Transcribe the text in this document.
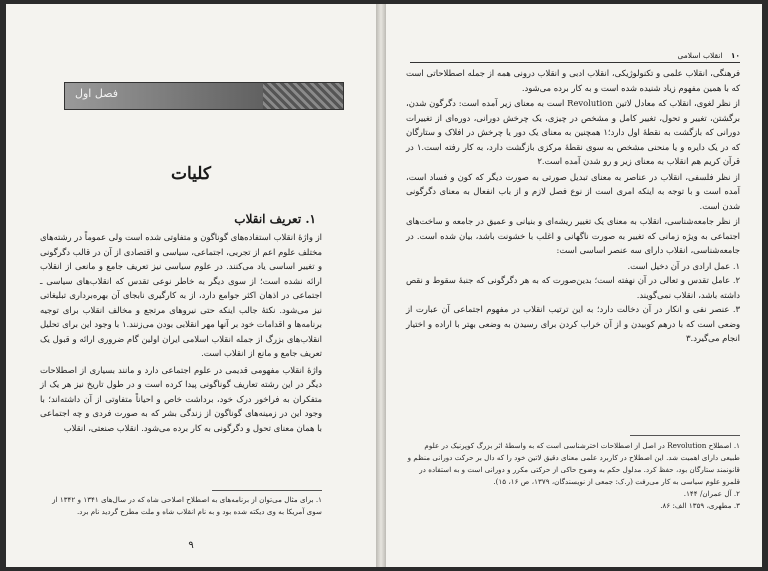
فصل اول
کلیات
۱. تعریف انقلاب

از واژهٔ انقلاب استفاده‌های گوناگون و متفاوتی شده است ولی عموماً در رشته‌های مختلف علوم اعم از تجربی، اجتماعی، سیاسی و اقتصادی از آن در قالب دگرگونی و تغییر اساسی یاد می‌کنند. در علوم سیاسی نیز تعریف جامع و مانعی از انقلاب ارائه نشده است؛ از سوی دیگر به خاطر نوعی تقدس که انقلاب‌های سیاسی ـ اجتماعی در اذهان اکثر جوامع دارد، از به کارگیری نابجای آن بهره‌برداری تبلیغاتی نیز می‌شود. نکتهٔ جالب اینکه حتی نیروهای مرتجع و مخالف انقلاب برای توجیه برنامه‌ها و اقدامات خود بر آنها مهر انقلابی بودن می‌زنند.۱ با وجود این برای تحلیل انقلاب‌های بزرگ از جمله انقلاب اسلامی ایران اولین گام ضروری ارائه و قبول یک تعریف جامع و مانع از انقلاب است.

واژهٔ انقلاب مفهومی قدیمی در علوم اجتماعی دارد و مانند بسیاری از اصطلاحات دیگر در این رشته تعاریف گوناگونی پیدا کرده است و در طول تاریخ نیز هر یک از متفکران به فراخور درک خود، برداشت خاص و احیاناً متفاوتی از آن داشته‌اند؛ با وجود این در زمینه‌های گوناگون از زندگی بشر که به صورت فردی و چه اجتماعی با همان معنای تحول و دگرگونی به کار برده می‌شود. انقلاب صنعتی، انقلاب

۱. برای مثال می‌توان از برنامه‌های به اصطلاح اصلاحی شاه که در سال‌های ۱۳۴۱ و ۱۳۴۲ از سوی آمریکا به وی دیکته شده بود و به نام انقلاب شاه و ملت مطرح گردید نام برد.

۹
۱۰ انقلاب اسلامی

فرهنگی، انقلاب علمی و تکنولوژیکی، انقلاب ادبی و انقلاب درونی همه از جمله اصطلاحاتی است که با همین مفهوم زیاد شنیده شده است و به کار برده می‌شود.

از نظر لغوی، انقلاب که معادل لاتین Revolution است به معنای زیر آمده است: دگرگون شدن، برگشتن، تغییر و تحول، تغییر کامل و مشخص در چیزی، یک چرخش دورانی، دوره‌ای از تغییرات دورانی که بازگشت به نقطهٔ اول دارد؛۱ همچنین به معنای یک دور یا چرخش در افلاک و ستارگان که در یک دایره و یا منحنی مشخص به سوی نقطهٔ مرکزی بازگشت دارد، به کار رفته است.۱ در قرآن کریم هم انقلاب به معنای زیر و رو شدن آمده است.۲

از نظر فلسفی، انقلاب در عناصر به معنای تبدیل صورتی به صورت دیگر که کون و فساد است، آمده است و با توجه به اینکه امری است از نوع فصل لازم و از باب انفعال به معنای دگرگونی شدن است.

از نظر جامعه‌شناسی، انقلاب به معنای یک تغییر ریشه‌ای و بنیانی و عمیق در جامعه و ساخت‌های اجتماعی به ویژه زمانی که تغییر به صورت ناگهانی و اغلب با خشونت باشد، بیان شده است. در جامعه‌شناسی، انقلاب دارای سه عنصر اساسی است:

۱. عمل ارادی در آن دخیل است.

۲. عامل تقدس و تعالی در آن نهفته است؛ بدین‌صورت که به هر دگرگونی که جنبهٔ سقوط و نقص داشته باشد، انقلاب نمی‌گویند.

۳. عنصر نفی و انکار در آن دخالت دارد؛ به این ترتیب انقلاب در مفهوم اجتماعی آن عبارت از وضعی است که با درهم کوبیدن و از آن خراب کردن برای رسیدن به وضعی بهتر با اراده و اختیار انجام می‌گیرد.۳

۱. اصطلاح Revolution در اصل از اصطلاحات اخترشناسی است که به واسطهٔ اثر بزرگ کوپرنیک در علوم طبیعی دارای اهمیت شد. این اصطلاح در کاربرد علمی معنای دقیق لاتین خود را که دال بر حرکت دورانی منظم و قانونمند ستارگان بود، حفظ کرد. مدلول حکم به وضوح حاکی از حرکتی مکرر و دورانی است و به استفاده در قلمرو علوم سیاسی به کار می‌رفت (ر.ک: جمعی از نویسندگان، ۱۳۷۹، ص ۱۶، ۱۵).

۲. آل عمران/ ۱۴۴.

۳. مطهری، ۱۳۵۹ الف: ۸۶.
